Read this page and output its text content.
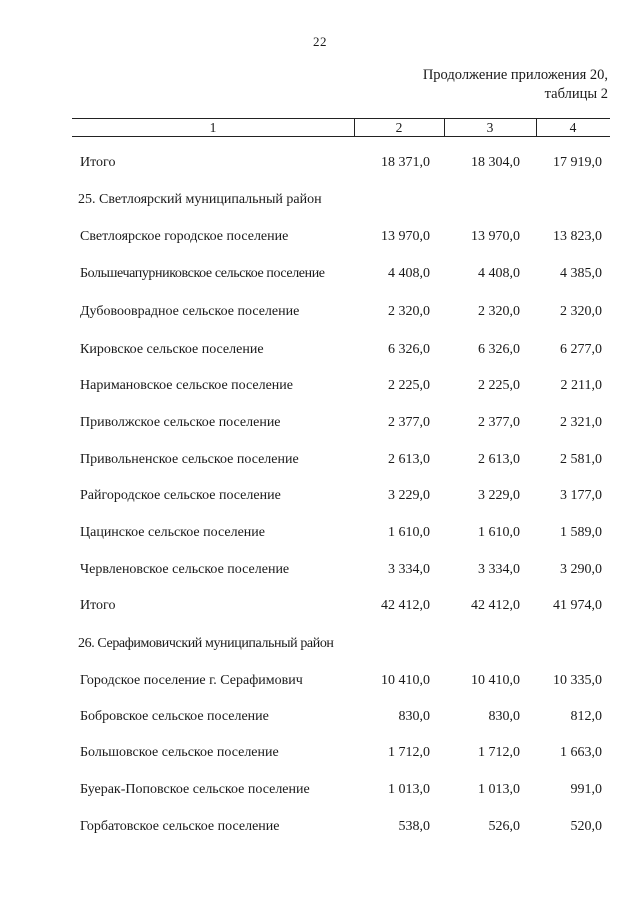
22
Продолжение приложения 20,
таблицы 2
1	2	3	4
Итого	18 371,0	18 304,0	17 919,0
25. Светлоярский муниципальный район
Светлоярское городское поселение	13 970,0	13 970,0	13 823,0
Большечапурниковское сельское поселение	4 408,0	4 408,0	4 385,0
Дубовооврадное сельское поселение	2 320,0	2 320,0	2 320,0
Кировское сельское поселение	6 326,0	6 326,0	6 277,0
Наримановское сельское поселение	2 225,0	2 225,0	2 211,0
Приволжское сельское поселение	2 377,0	2 377,0	2 321,0
Привольненское сельское поселение	2 613,0	2 613,0	2 581,0
Райгородское сельское поселение	3 229,0	3 229,0	3 177,0
Цацинское сельское поселение	1 610,0	1 610,0	1 589,0
Червленовское сельское поселение	3 334,0	3 334,0	3 290,0
Итого	42 412,0	42 412,0	41 974,0
26. Серафимовичский муниципальный район
Городское поселение г. Серафимович	10 410,0	10 410,0	10 335,0
Бобровское сельское поселение	830,0	830,0	812,0
Большовское сельское поселение	1 712,0	1 712,0	1 663,0
Буерак-Поповское сельское поселение	1 013,0	1 013,0	991,0
Горбатовское сельское поселение	538,0	526,0	520,0
